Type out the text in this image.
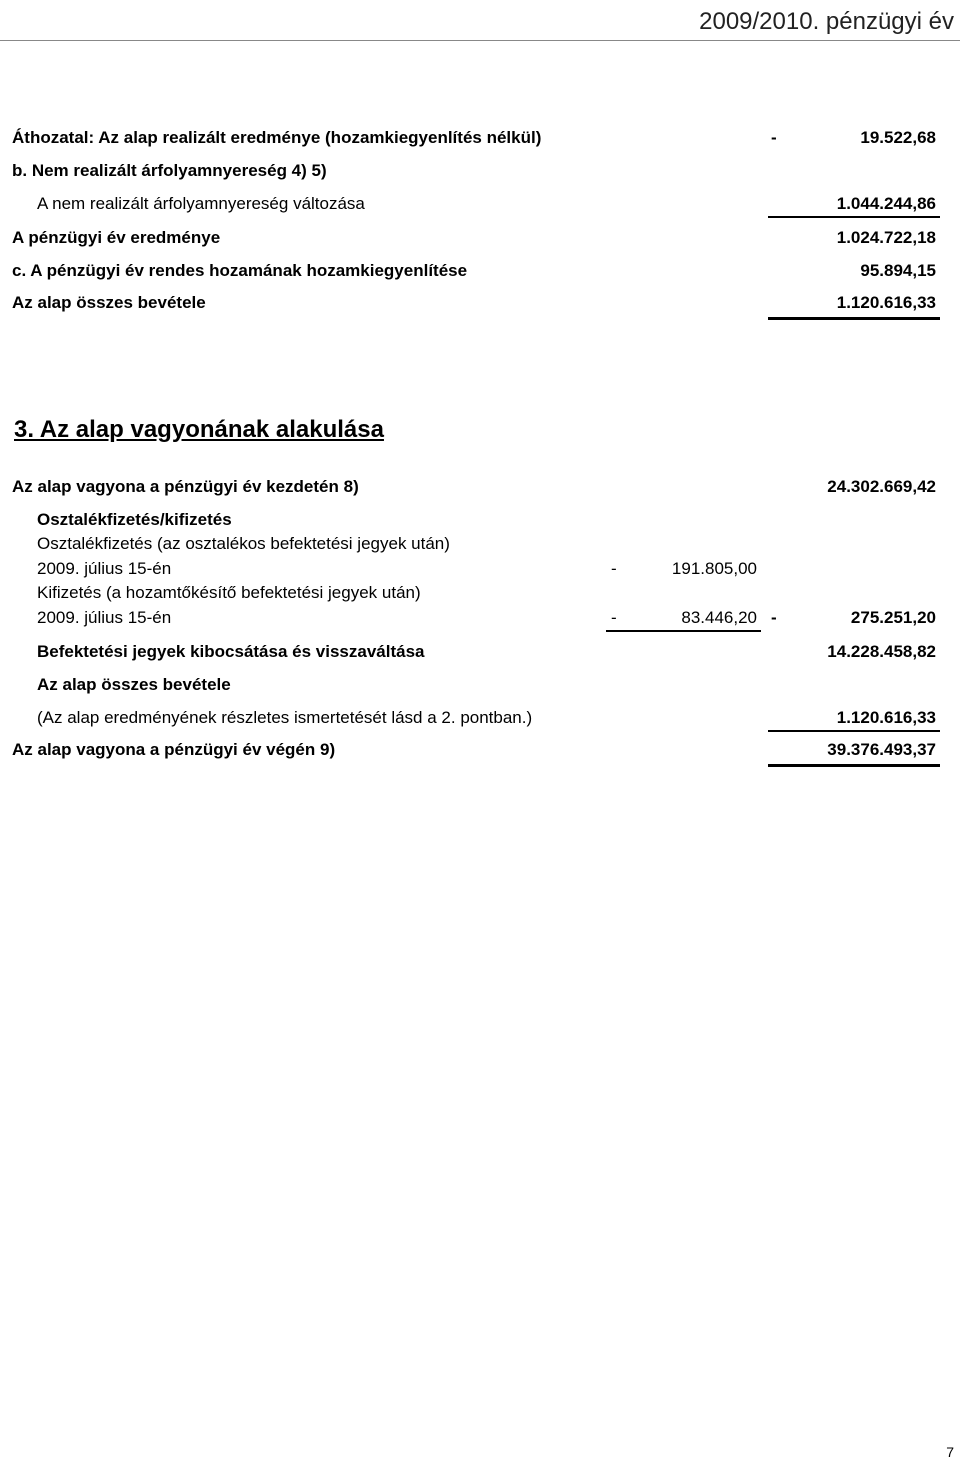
2009/2010. pénzügyi év
Áthozatal: Az alap realizált eredménye (hozamkiegyenlítés nélkül)	-	19.522,68
b. Nem realizált árfolyamnyereség 4) 5)
A nem realizált árfolyamnyereség változása	1.044.244,86
A pénzügyi év eredménye	1.024.722,18
c. A pénzügyi év rendes hozamának hozamkiegyenlítése	95.894,15
Az alap összes bevétele	1.120.616,33
3. Az alap vagyonának alakulása
Az alap vagyona a pénzügyi év kezdetén 8)	24.302.669,42
Osztalékfizetés/kifizetés
Osztalékfizetés (az osztalékos befektetési jegyek után)
2009. július 15-én	-	191.805,00
Kifizetés (a hozamtőkésítő befektetési jegyek után)
2009. július 15-én	-	83.446,20 -	275.251,20
Befektetési jegyek kibocsátása és visszaváltása	14.228.458,82
Az alap összes bevétele
(Az alap eredményének részletes ismertetését lásd a 2. pontban.)	1.120.616,33
Az alap vagyona a pénzügyi év végén 9)	39.376.493,37
7
